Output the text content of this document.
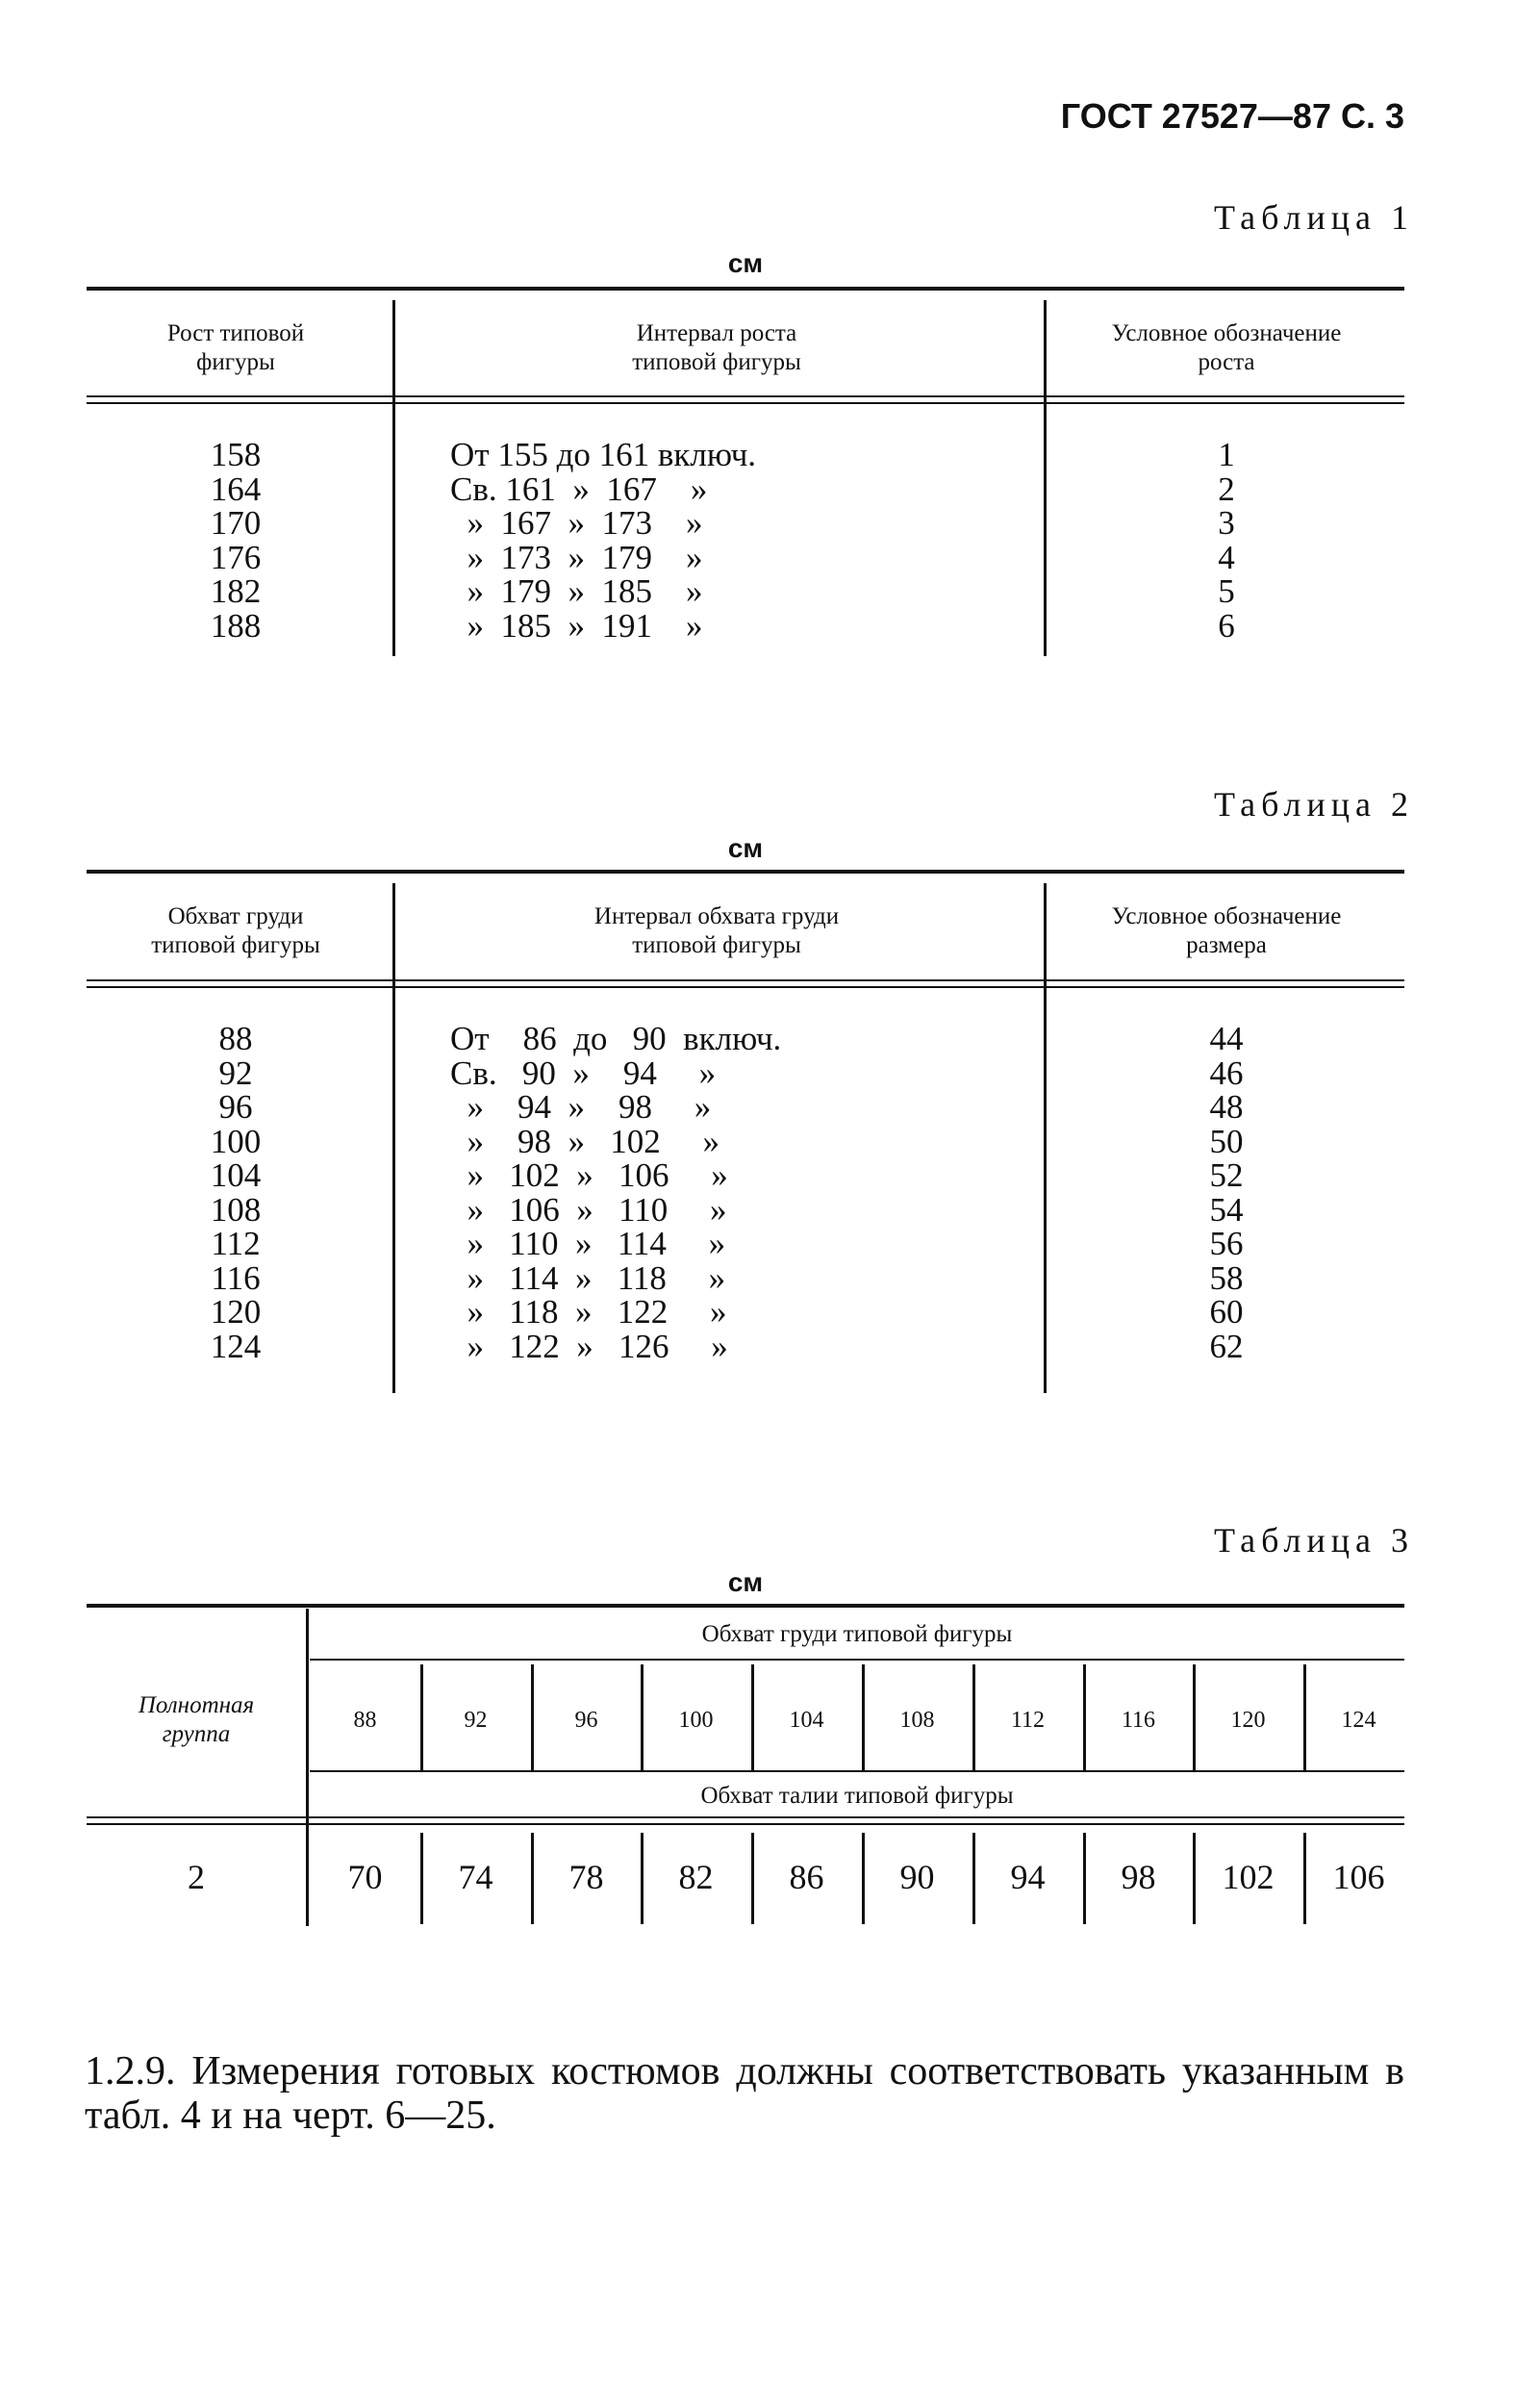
ГОСТ 27527—87 С. 3
Таблица 1
см
Рост типовой
фигуры
Интервал роста
типовой фигуры
Условное обозначение
роста
158
164
170
176
182
188
От 155 до 161 включ.
Св. 161  »  167    »
»  167  »  173    »
»  173  »  179    »
»  179  »  185    »
»  185  »  191    »
1
2
3
4
5
6
Таблица 2
см
Обхват груди
типовой фигуры
Интервал обхвата груди
типовой фигуры
Условное обозначение
размера
88
92
96
100
104
108
112
116
120
124
От    86  до   90  включ.
Св.   90  »    94     »
»    94  »    98     »
»    98  »   102     »
»   102  »   106     »
»   106  »   110     »
»   110  »   114     »
»   114  »   118     »
»   118  »   122     »
»   122  »   126     »
44
46
48
50
52
54
56
58
60
62
Таблица 3
см
Полнотная
группа
Обхват груди типовой фигуры
Обхват талии типовой фигуры
2
88
70
92
74
96
78
100
82
104
86
108
90
112
94
116
98
120
102
124
106
1.2.9. Измерения готовых костюмов должны соответствовать указанным в табл. 4 и на черт. 6—25.
